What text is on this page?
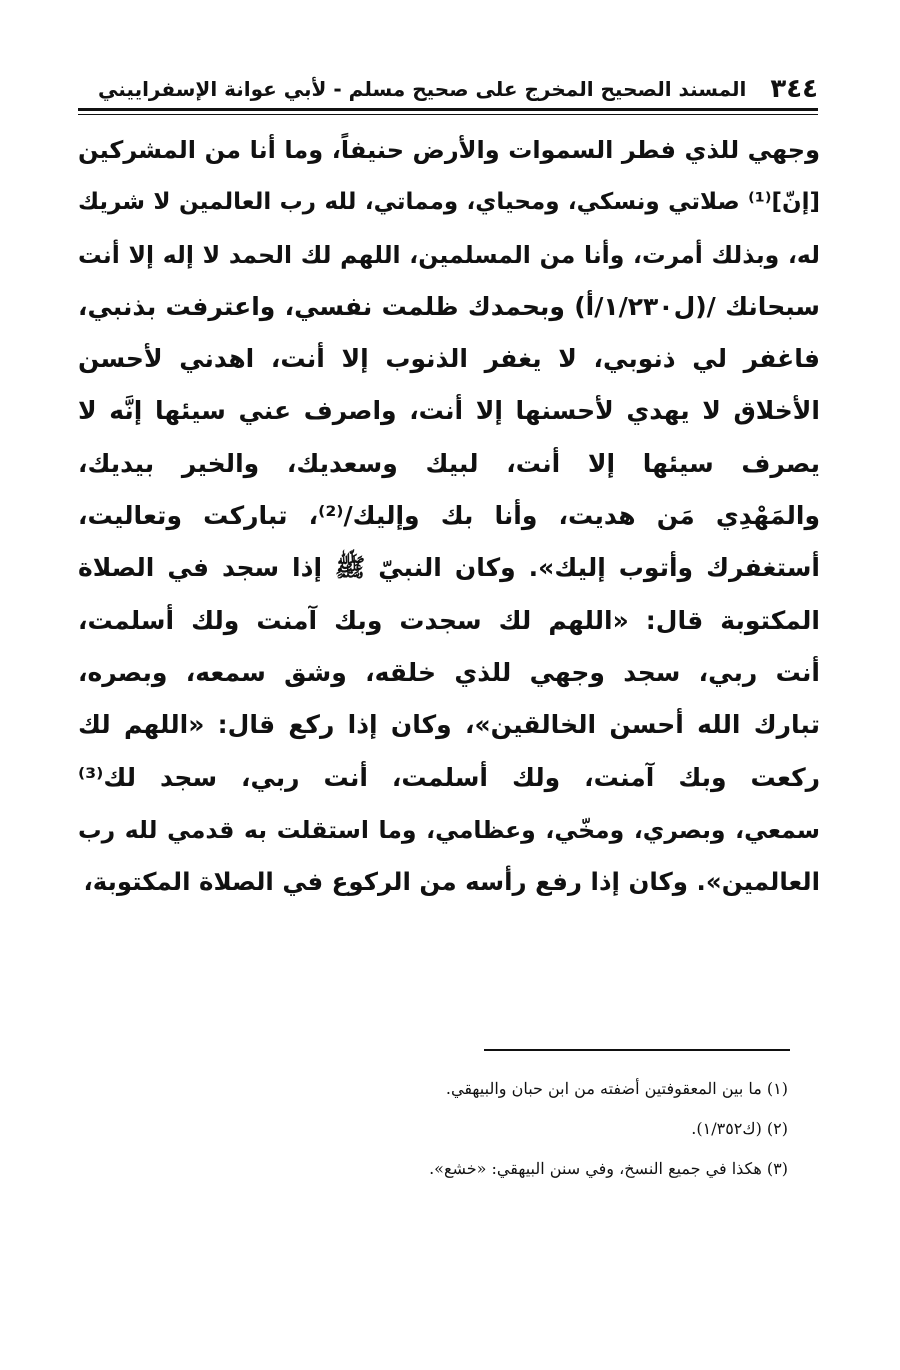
٣٤٤
المسند الصحيح المخرج على صحيح مسلم - لأبي عوانة الإسفراييني
وجهي للذي فطر السموات والأرض حنيفاً، وما أنا من المشركين
[إنّ]⁽¹⁾ صلاتي ونسكي، ومحياي، ومماتي، لله رب العالمين لا شريك
له، وبذلك أمرت، وأنا من المسلمين، اللهم لك الحمد لا إله إلا أنت
سبحانك /(ل١/٢٣٠/أ) وبحمدك ظلمت نفسي، واعترفت بذنبي،
فاغفر لي ذنوبي، لا يغفر الذنوب إلا أنت، اهدني لأحسن
الأخلاق لا يهدي لأحسنها إلا أنت، واصرف عني سيئها إنَّه لا
يصرف سيئها إلا أنت، لبيك وسعديك، والخير بيديك،
والمَهْدِي مَن هديت، وأنا بك وإليك/⁽²⁾، تباركت وتعاليت،
أستغفرك وأتوب إليك». وكان النبيّ ﷺ إذا سجد في الصلاة
المكتوبة قال: «اللهم لك سجدت وبك آمنت ولك أسلمت،
أنت ربي، سجد وجهي للذي خلقه، وشق سمعه، وبصره،
تبارك الله أحسن الخالقين»، وكان إذا ركع قال: «اللهم لك
ركعت وبك آمنت، ولك أسلمت، أنت ربي، سجد لك⁽³⁾
سمعي، وبصري، ومخّي، وعظامي، وما استقلت به قدمي لله رب
العالمين». وكان إذا رفع رأسه من الركوع في الصلاة المكتوبة،
(١) ما بين المعقوفتين أضفته من ابن حبان والبيهقي.
(٢) (ك١/٣٥٢).
(٣) هكذا في جميع النسخ، وفي سنن البيهقي: «خشع».
